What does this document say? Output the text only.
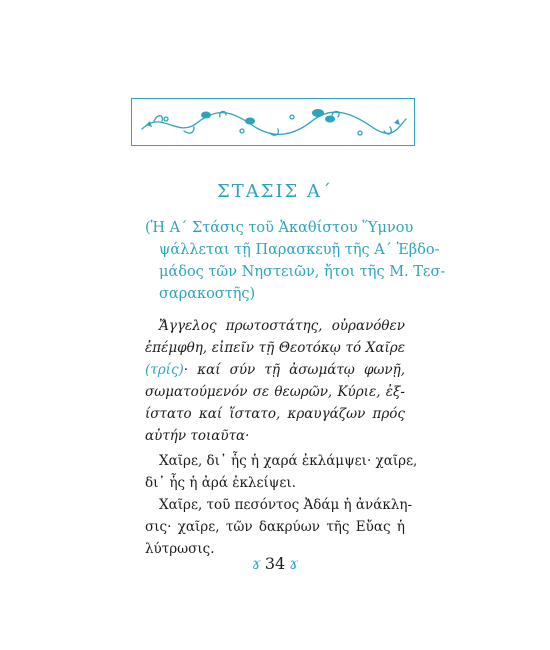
ΣΤΑΣΙΣ Α΄
(Ἡ Α΄ Στάσις τοῦ Ἀκαθίστου Ὕμνου
ψάλλεται τῇ Παρασκευῇ τῆς Α΄ Ἑβδο-
μάδος τῶν Νηστειῶν, ἤτοι τῆς Μ. Τεσ-
σαρακοστῆς)
Ἄγγελος πρωτοστάτης, οὐρανόθεν
ἐπέμφθη, εἰπεῖν τῇ Θεοτόκῳ τό Χαῖρε
(τρίς)· καί σύν τῇ ἀσωμάτῳ φωνῇ,
σωματούμενόν σε θεωρῶν, Κύριε, ἐξ-
ίστατο καί ἵστατο, κραυγάζων πρός
αὐτήν τοιαῦτα·
Χαῖρε, δι᾿ ἧς ἡ χαρά ἐκλάμψει· χαῖρε,
δι᾿ ἧς ἡ ἀρά ἐκλείψει.
Χαῖρε, τοῦ πεσόντος Ἀδάμ ἡ ἀνάκλη-
σις· χαῖρε, τῶν δακρύων τῆς Εὔας ἡ
λύτρωσις.
ɤ 34 ɤ
